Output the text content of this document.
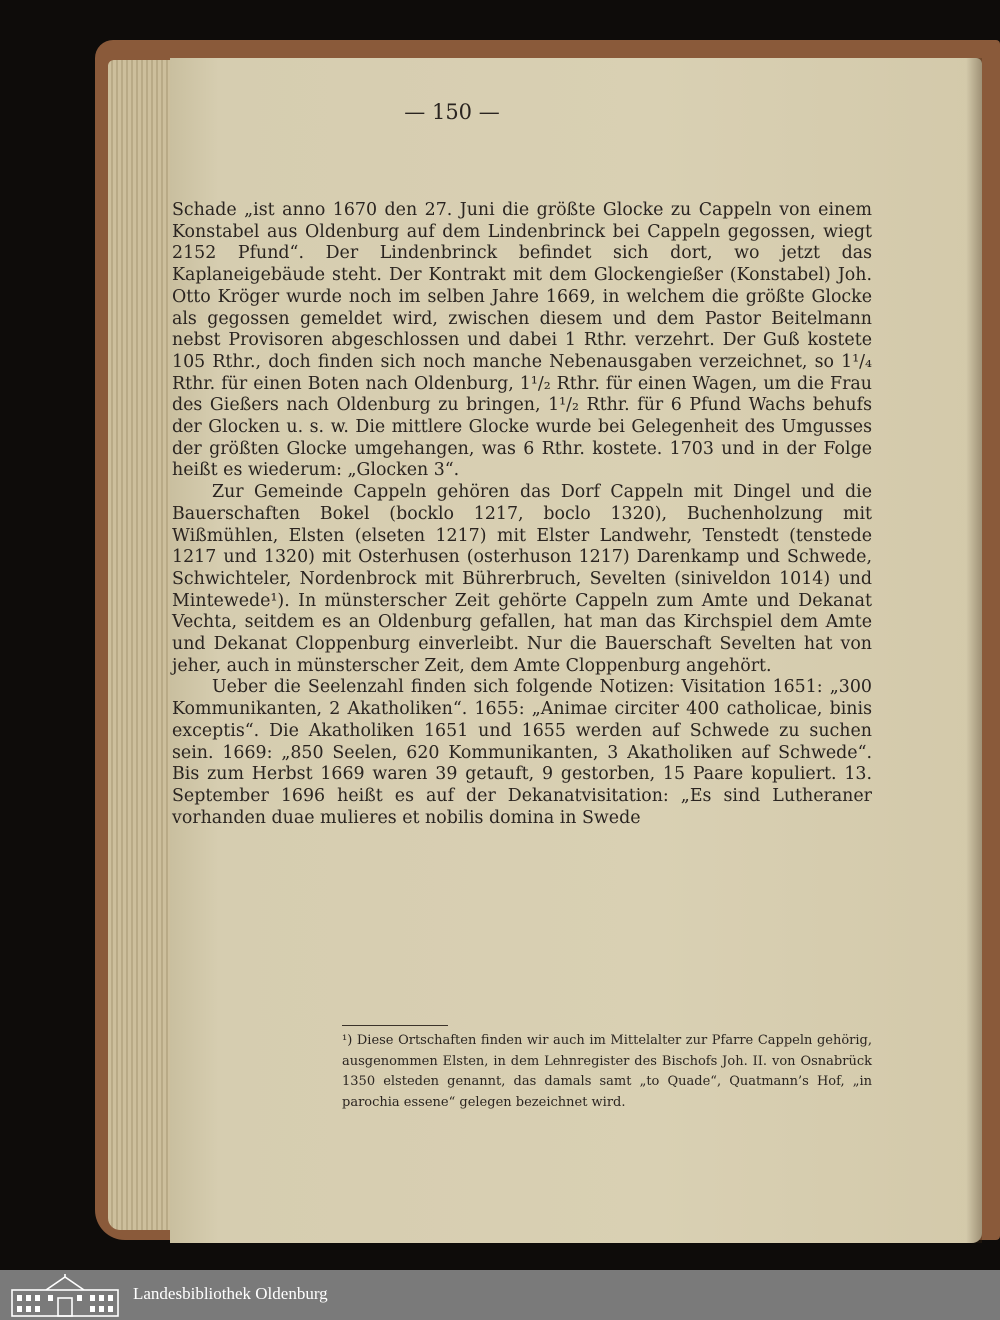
— 150 —

Schade „ist anno 1670 den 27. Juni die größte Glocke zu Cappeln von einem Konstabel aus Oldenburg auf dem Lindenbrinck bei Cappeln gegossen, wiegt 2152 Pfund“. Der Lindenbrinck befindet sich dort, wo jetzt das Kaplaneigebäude steht. Der Kontrakt mit dem Glockengießer (Konstabel) Joh. Otto Kröger wurde noch im selben Jahre 1669, in welchem die größte Glocke als gegossen gemeldet wird, zwischen diesem und dem Pastor Beitelmann nebst Provisoren abgeschlossen und dabei 1 Rthr. verzehrt. Der Guß kostete 105 Rthr., doch finden sich noch manche Nebenausgaben verzeichnet, so 1¹/₄ Rthr. für einen Boten nach Oldenburg, 1¹/₂ Rthr. für einen Wagen, um die Frau des Gießers nach Oldenburg zu bringen, 1¹/₂ Rthr. für 6 Pfund Wachs behufs der Glocken u. s. w. Die mittlere Glocke wurde bei Gelegenheit des Umgusses der größten Glocke umgehangen, was 6 Rthr. kostete. 1703 und in der Folge heißt es wiederum: „Glocken 3“.

Zur Gemeinde Cappeln gehören das Dorf Cappeln mit Dingel und die Bauerschaften Bokel (bocklo 1217, boclo 1320), Buchenholzung mit Wißmühlen, Elsten (elseten 1217) mit Elster Landwehr, Tenstedt (tenstede 1217 und 1320) mit Osterhusen (osterhuson 1217) Darenkamp und Schwede, Schwichteler, Nordenbrock mit Bührerbruch, Sevelten (siniveldon 1014) und Mintewede¹). In münsterscher Zeit gehörte Cappeln zum Amte und Dekanat Vechta, seitdem es an Oldenburg gefallen, hat man das Kirchspiel dem Amte und Dekanat Cloppenburg einverleibt. Nur die Bauerschaft Sevelten hat von jeher, auch in münsterscher Zeit, dem Amte Cloppenburg angehört.

Ueber die Seelenzahl finden sich folgende Notizen: Visitation 1651: „300 Kommunikanten, 2 Akatholiken“. 1655: „Animae circiter 400 catholicae, binis exceptis“. Die Akatholiken 1651 und 1655 werden auf Schwede zu suchen sein. 1669: „850 Seelen, 620 Kommunikanten, 3 Akatholiken auf Schwede“. Bis zum Herbst 1669 waren 39 getauft, 9 gestorben, 15 Paare kopuliert. 13. September 1696 heißt es auf der Dekanatvisitation: „Es sind Lutheraner vorhanden duae mulieres et nobilis domina in Swede

¹) Diese Ortschaften finden wir auch im Mittelalter zur Pfarre Cappeln gehörig, ausgenommen Elsten, in dem Lehnregister des Bischofs Joh. II. von Osnabrück 1350 elsteden genannt, das damals samt „to Quade“, Quatmann’s Hof, „in parochia essene“ gelegen bezeichnet wird.

Landesbibliothek Oldenburg
